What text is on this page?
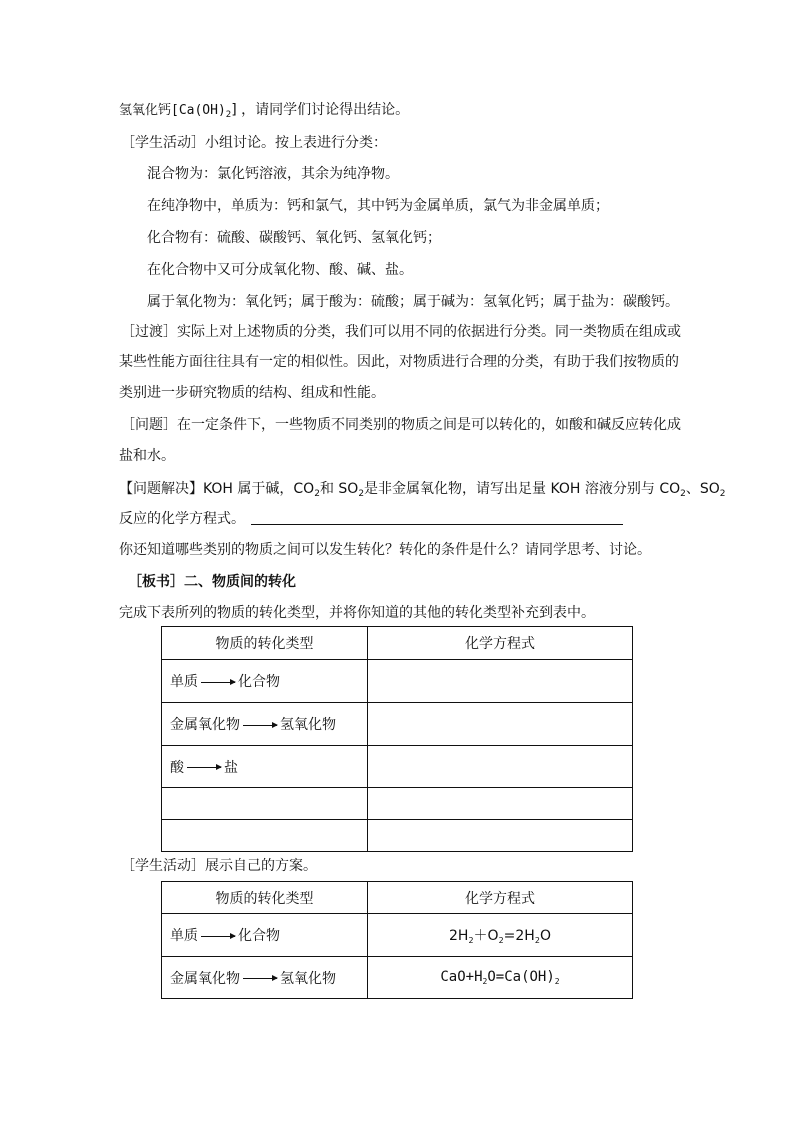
氢氧化钙$[Ca(OH)_2]$ ，请同学们讨论得出结论。
［学生活动］小组讨论。按上表进行分类：
混合物为：氯化钙溶液，其余为纯净物。
在纯净物中，单质为：钙和氯气，其中钙为金属单质，氯气为非金属单质；
化合物有：硫酸、碳酸钙、氧化钙、氢氧化钙；
在化合物中又可分成氧化物、酸、碱、盐。
属于氧化物为：氧化钙；属于酸为：硫酸；属于碱为：氢氧化钙；属于盐为：碳酸钙。
［过渡］实际上对上述物质的分类，我们可以用不同的依据进行分类。同一类物质在组成或
某些性能方面往往具有一定的相似性。因此，对物质进行合理的分类，有助于我们按物质的
类别进一步研究物质的结构、组成和性能。
［问题］在一定条件下，一些物质不同类别的物质之间是可以转化的，如酸和碱反应转化成
盐和水。
【问题解决】KOH 属于碱，$CO_2$和 $SO_2$是非金属氧化物，请写出足量 KOH 溶液分别与 $CO_2$、$SO_2$
反应的化学方程式。
你还知道哪些类别的物质之间可以发生转化？转化的条件是什么？请同学思考、讨论。
［板书］二、物质间的转化
完成下表所列的物质的转化类型，并将你知道的其他的转化类型补充到表中。
物质的转化类型	化学方程式
单质 化合物	
金属氧化物 氢氧化物	
酸 盐	

［学生活动］展示自己的方案。
物质的转化类型	化学方程式
单质 化合物	$2H_2+O_2=2H_2O$
金属氧化物 氢氧化物	$CaO+H_2O=Ca(OH)_2$
